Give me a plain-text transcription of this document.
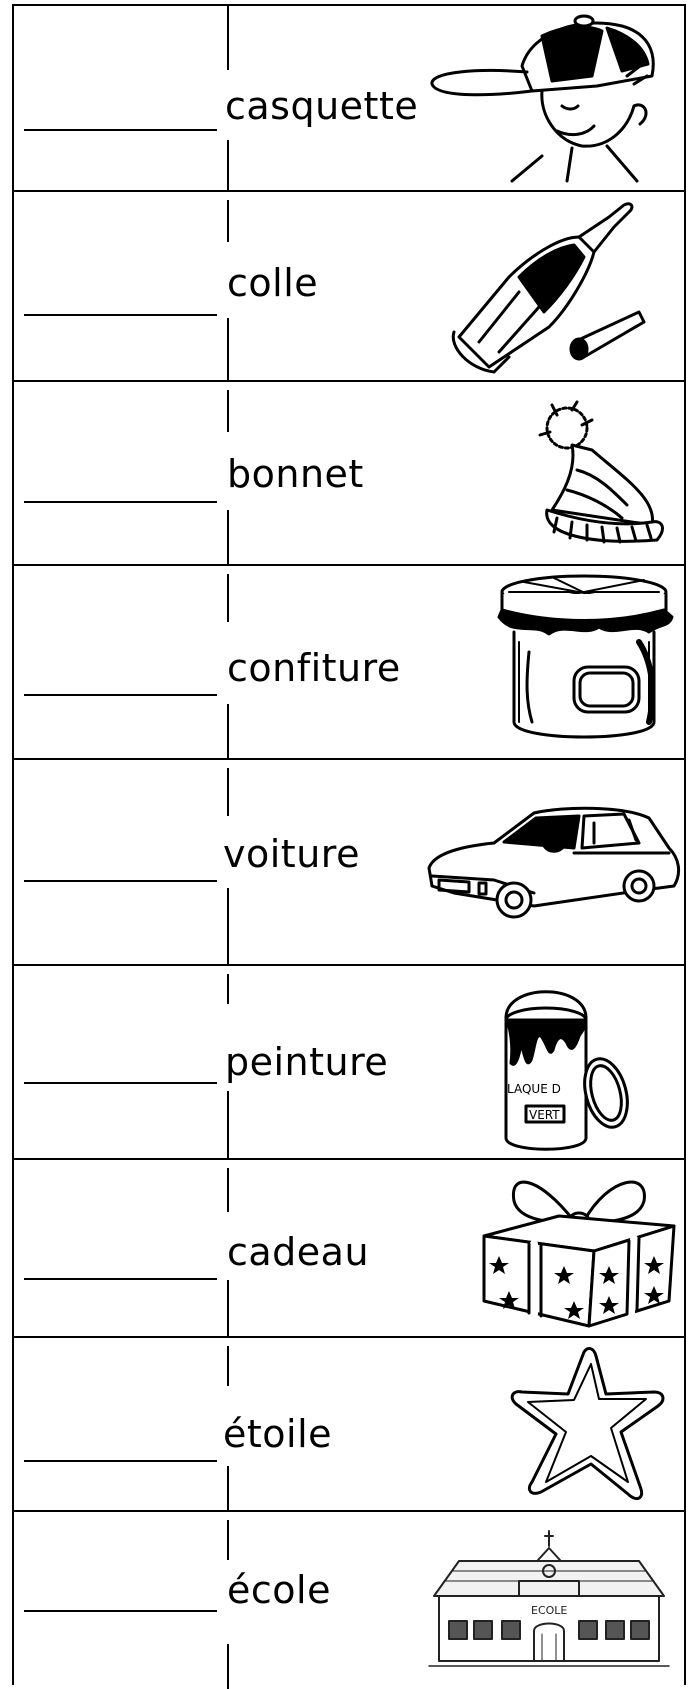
casquette
colle
bonnet
confiture
voiture
peinture
LAQUE D
VERT
cadeau
étoile
école	ECOLE
